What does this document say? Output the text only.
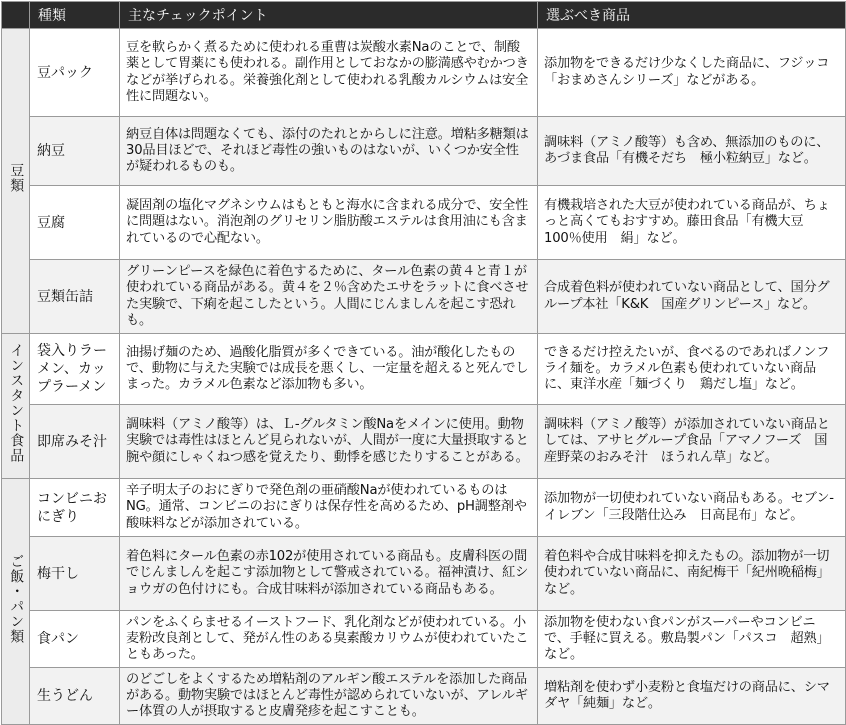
	種類	主なチェックポイント	選ぶべき商品
豆類	豆パック	豆を軟らかく煮るために使われる重曹は炭酸水素Naのことで、制酸薬として胃薬にも使われる。副作用としておなかの膨満感やむかつきなどが挙げられる。栄養強化剤として使われる乳酸カルシウムは安全性に問題ない。	添加物をできるだけ少なくした商品に、フジッコ「おまめさんシリーズ」などがある。
	納豆	納豆自体は問題なくても、添付のたれとからしに注意。増粘多糖類は30品目ほどで、それほど毒性の強いものはないが、いくつか安全性が疑われるものも。	調味料（アミノ酸等）も含め、無添加のものに、あづま食品「有機そだち　極小粒納豆」など。
	豆腐	凝固剤の塩化マグネシウムはもともと海水に含まれる成分で、安全性に問題はない。消泡剤のグリセリン脂肪酸エステルは食用油にも含まれているので心配ない。	有機栽培された大豆が使われている商品が、ちょっと高くてもおすすめ。藤田食品「有機大豆100％使用　絹」など。
	豆類缶詰	グリーンピースを緑色に着色するために、タール色素の黄４と青１が使われている商品がある。黄４を２％含めたエサをラットに食べさせた実験で、下痢を起こしたという。人間にじんましんを起こす恐れも。	合成着色料が使われていない商品として、国分グループ本社「K&K　国産グリンピース」など。
インスタント食品	袋入りラーメン、カップラーメン	油揚げ麺のため、過酸化脂質が多くできている。油が酸化したもので、動物に与えた実験では成長を悪くし、一定量を超えると死んでしまった。カラメル色素など添加物も多い。	できるだけ控えたいが、食べるのであればノンフライ麺を。カラメル色素も使われていない商品に、東洋水産「麺づくり　鶏だし塩」など。
	即席みそ汁	調味料（アミノ酸等）は、Ｌ‐グルタミン酸Naをメインに使用。動物実験では毒性はほとんど見られないが、人間が一度に大量摂取すると腕や顔にしゃくねつ感を覚えたり、動悸を感じたりすることがある。	調味料（アミノ酸等）が添加されていない商品としては、アサヒグループ食品「アマノフーズ　国産野菜のおみそ汁　ほうれん草」など。
ご飯・パン類	コンビニおにぎり	辛子明太子のおにぎりで発色剤の亜硝酸Naが使われているものはNG。通常、コンビニのおにぎりは保存性を高めるため、pH調整剤や酸味料などが添加されている。	添加物が一切使われていない商品もある。セブン‐イレブン「三段階仕込み　日高昆布」など。
	梅干し	着色料にタール色素の赤102が使用されている商品も。皮膚科医の間でじんましんを起こす添加物として警戒されている。福神漬け、紅ショウガの色付けにも。合成甘味料が添加されている商品もある。	着色料や合成甘味料を抑えたもの。添加物が一切使われていない商品に、南紀梅干「紀州晩稲梅」など。
	食パン	パンをふくらませるイーストフード、乳化剤などが使われている。小麦粉改良剤として、発がん性のある臭素酸カリウムが使われていたこともあった。	添加物を使わない食パンがスーパーやコンビニで、手軽に買える。敷島製パン「パスコ　超熟」など。
	生うどん	のどごしをよくするため増粘剤のアルギン酸エステルを添加した商品がある。動物実験ではほとんど毒性が認められていないが、アレルギー体質の人が摂取すると皮膚発疹を起こすことも。	増粘剤を使わず小麦粉と食塩だけの商品に、シマダヤ「純麺」など。
